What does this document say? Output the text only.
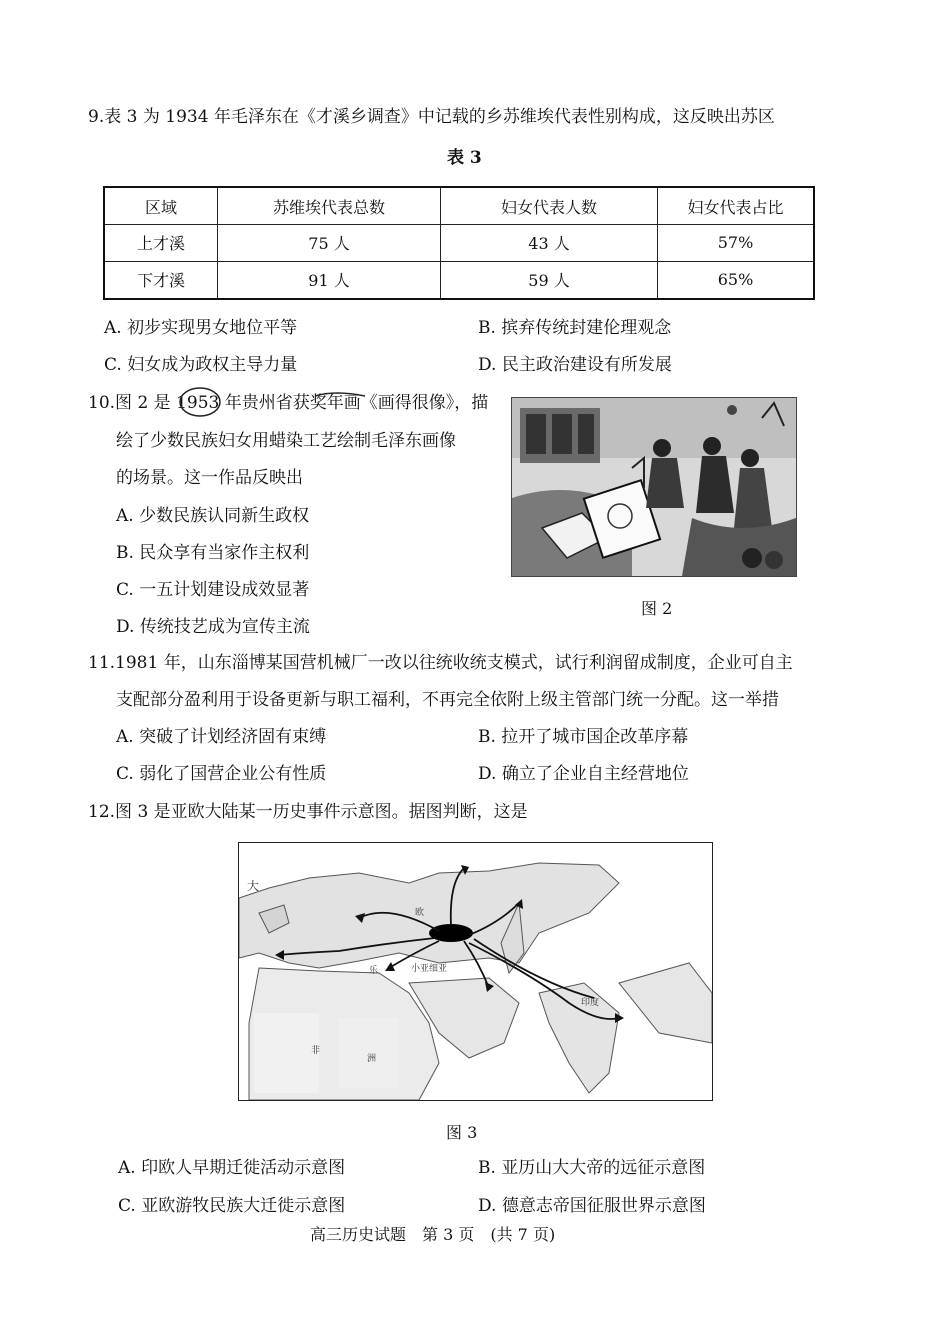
9.表 3 为 1934 年毛泽东在《才溪乡调查》中记载的乡苏维埃代表性别构成，这反映出苏区
表 3
区域	苏维埃代表总数	妇女代表人数	妇女代表占比
上才溪	75 人	43 人	57%
下才溪	91 人	59 人	65%
A. 初步实现男女地位平等	B. 摈弃传统封建伦理观念
C. 妇女成为政权主导力量	D. 民主政治建设有所发展
10.图 2 是 1953 年贵州省获奖年画《画得很像》，描
绘了少数民族妇女用蜡染工艺绘制毛泽东画像
的场景。这一作品反映出
A. 少数民族认同新生政权
B. 民众享有当家作主权利
C. 一五计划建设成效显著
D. 传统技艺成为宣传主流
图 2
11.1981 年，山东淄博某国营机械厂一改以往统收统支模式，试行利润留成制度，企业可自主
支配部分盈利用于设备更新与职工福利，不再完全依附上级主管部门统一分配。这一举措
A. 突破了计划经济固有束缚	B. 拉开了城市国企改革序幕
C. 弱化了国营企业公有性质	D. 确立了企业自主经营地位
12.图 3 是亚欧大陆某一历史事件示意图。据图判断，这是
大
欧
小亚细亚
非
洲
印度
乐
图 3
A. 印欧人早期迁徙活动示意图	B. 亚历山大大帝的远征示意图
C. 亚欧游牧民族大迁徙示意图	D. 德意志帝国征服世界示意图
高三历史试题　第 3 页　(共 7 页)
